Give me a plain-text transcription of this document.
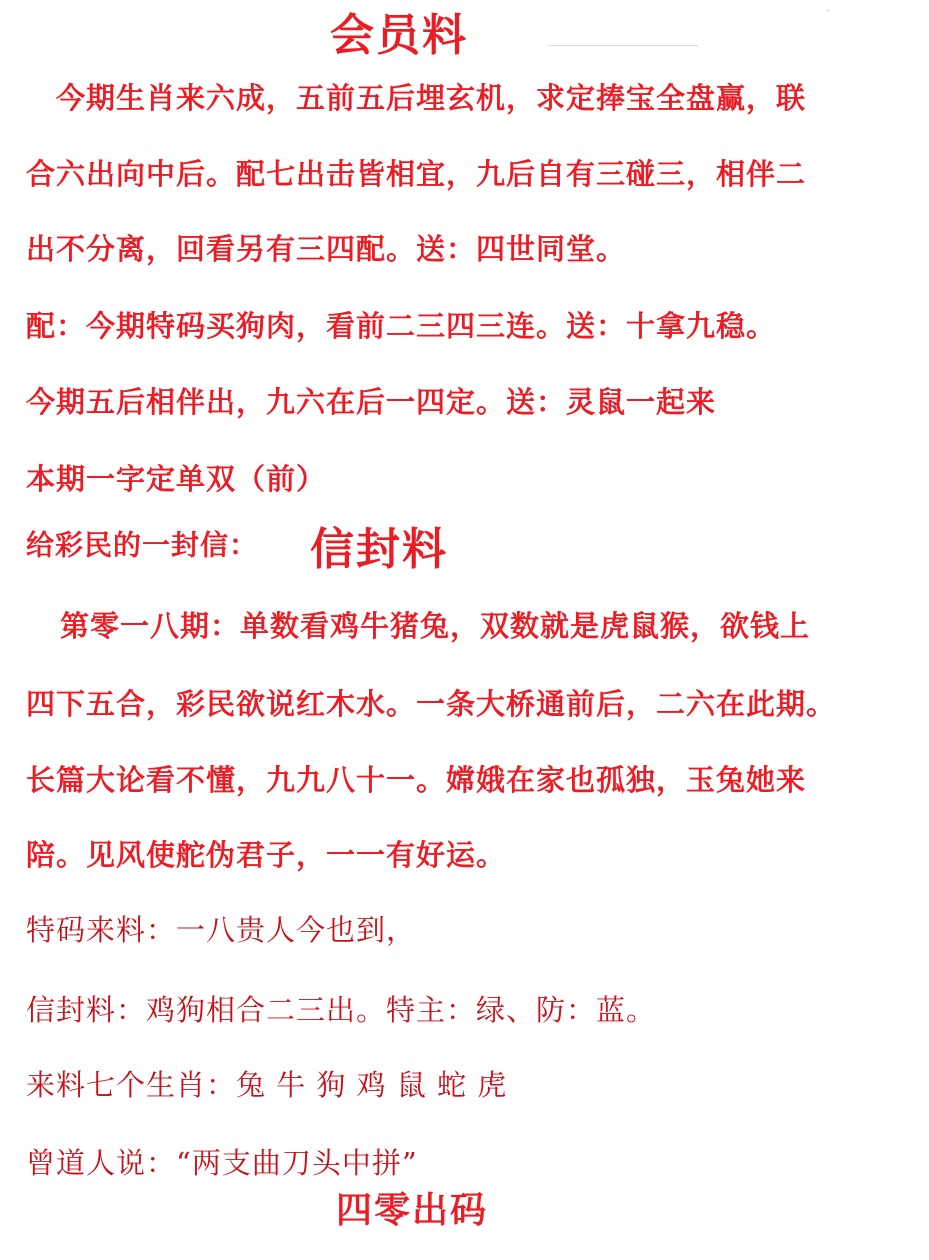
会员料
今期生肖来六成，五前五后埋玄机，求定捧宝全盘赢，联
合六出向中后。配七出击皆相宜，九后自有三碰三，相伴二
出不分离，回看另有三四配。送：四世同堂。
配：今期特码买狗肉，看前二三四三连。送：十拿九稳。
今期五后相伴出，九六在后一四定。送：灵鼠一起来
本期一字定单双（前）
给彩民的一封信： 信封料
第零一八期：单数看鸡牛猪兔，双数就是虎鼠猴，欲钱上
四下五合，彩民欲说红木水。一条大桥通前后，二六在此期。
长篇大论看不懂，九九八十一。嫦娥在家也孤独，玉兔她来
陪。见风使舵伪君子，一一有好运。
特码来料：一八贵人今也到，
信封料：鸡狗相合二三出。特主：绿、防：蓝。
来料七个生肖：兔 牛 狗 鸡 鼠 蛇 虎
曾道人说：“两支曲刀头中拼”
四零出码
